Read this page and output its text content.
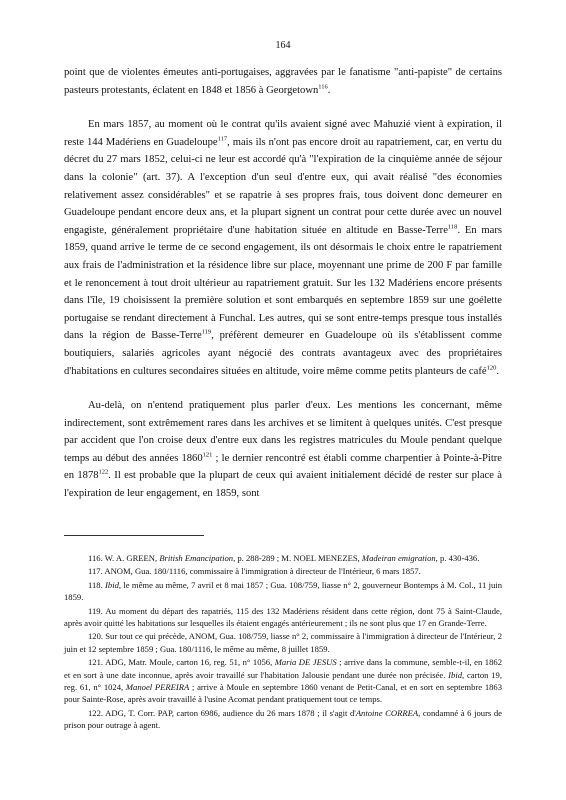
164

point que de violentes émeutes anti-portugaises, aggravées par le fanatisme "anti-papiste" de certains pasteurs protestants, éclatent en 1848 et 1856 à Georgetown$^{116}$.

En mars 1857, au moment où le contrat qu'ils avaient signé avec Mahuzié vient à expiration, il reste 144 Madériens en Guadeloupe$^{117}$, mais ils n'ont pas encore droit au rapatriement, car, en vertu du décret du 27 mars 1852, celui-ci ne leur est accordé qu'à "l'expiration de la cinquième année de séjour dans la colonie" (art. 37). A l'exception d'un seul d'entre eux, qui avait réalisé "des économies relativement assez considérables" et se rapatrie à ses propres frais, tous doivent donc demeurer en Guadeloupe pendant encore deux ans, et la plupart signent un contrat pour cette durée avec un nouvel engagiste, généralement propriétaire d'une habitation située en altitude en Basse-Terre$^{118}$. En mars 1859, quand arrive le terme de ce second engagement, ils ont désormais le choix entre le rapatriement aux frais de l'administration et la résidence libre sur place, moyennant une prime de 200 F par famille et le renoncement à tout droit ultérieur au rapatriement gratuit. Sur les 132 Madériens encore présents dans l'île, 19 choisissent la première solution et sont embarqués en septembre 1859 sur une goélette portugaise se rendant directement à Funchal. Les autres, qui se sont entre-temps presque tous installés dans la région de Basse-Terre$^{119}$, préfèrent demeurer en Guadeloupe où ils s'établissent comme boutiquiers, salariés agricoles ayant négocié des contrats avantageux avec des propriétaires d'habitations en cultures secondaires situées en altitude, voire même comme petits planteurs de café$^{120}$.

Au-delà, on n'entend pratiquement plus parler d'eux. Les mentions les concernant, même indirectement, sont extrêmement rares dans les archives et se limitent à quelques unités. C'est presque par accident que l'on croise deux d'entre eux dans les registres matricules du Moule pendant quelque temps au début des années 1860$^{121}$ ; le dernier rencontré est établi comme charpentier à Pointe-à-Pitre en 1878$^{122}$. Il est probable que la plupart de ceux qui avaient initialement décidé de rester sur place à l'expiration de leur engagement, en 1859, sont

116. W. A. GREEN, British Emancipation, p. 288-289 ; M. NOEL MENEZES, Madeiran emigration, p. 430-436.

117. ANOM, Gua. 180/1116, commissaire à l'immigration à directeur de l'Intérieur, 6 mars 1857.

118. Ibid, le même au même, 7 avril et 8 mai 1857 ; Gua. 108/759, liasse n° 2, gouverneur Bontemps à M. Col., 11 juin 1859.

119. Au moment du départ des rapatriés, 115 des 132 Madériens résident dans cette région, dont 75 à Saint-Claude, après avoir quitté les habitations sur lesquelles ils étaient engagés antérieurement ; ils ne sont plus que 17 en Grande-Terre.

120. Sur tout ce qui précède, ANOM, Gua. 108/759, liasse n° 2, commissaire à l'immigration à directeur de l'Intérieur, 2 juin et 12 septembre 1859 ; Gua. 180/1116, le même au même, 8 juillet 1859.

121. ADG, Matr. Moule, carton 16, reg. 51, n° 1056, Maria DE JESUS ; arrive dans la commune, semble-t-il, en 1862 et en sort à une date inconnue, après avoir travaillé sur l'habitation Jalousie pendant une durée non précisée. Ibid, carton 19, reg. 61, n° 1024, Manoel PEREIRA ; arrive à Moule en septembre 1860 venant de Petit-Canal, et en sort en septembre 1863 pour Sainte-Rose, après avoir travaillé à l'usine Acomat pendant pratiquement tout ce temps.

122. ADG, T. Corr. PAP, carton 6986, audience du 26 mars 1878 ; il s'agit d'Antoine CORREA, condamné à 6 jours de prison pour outrage à agent.
